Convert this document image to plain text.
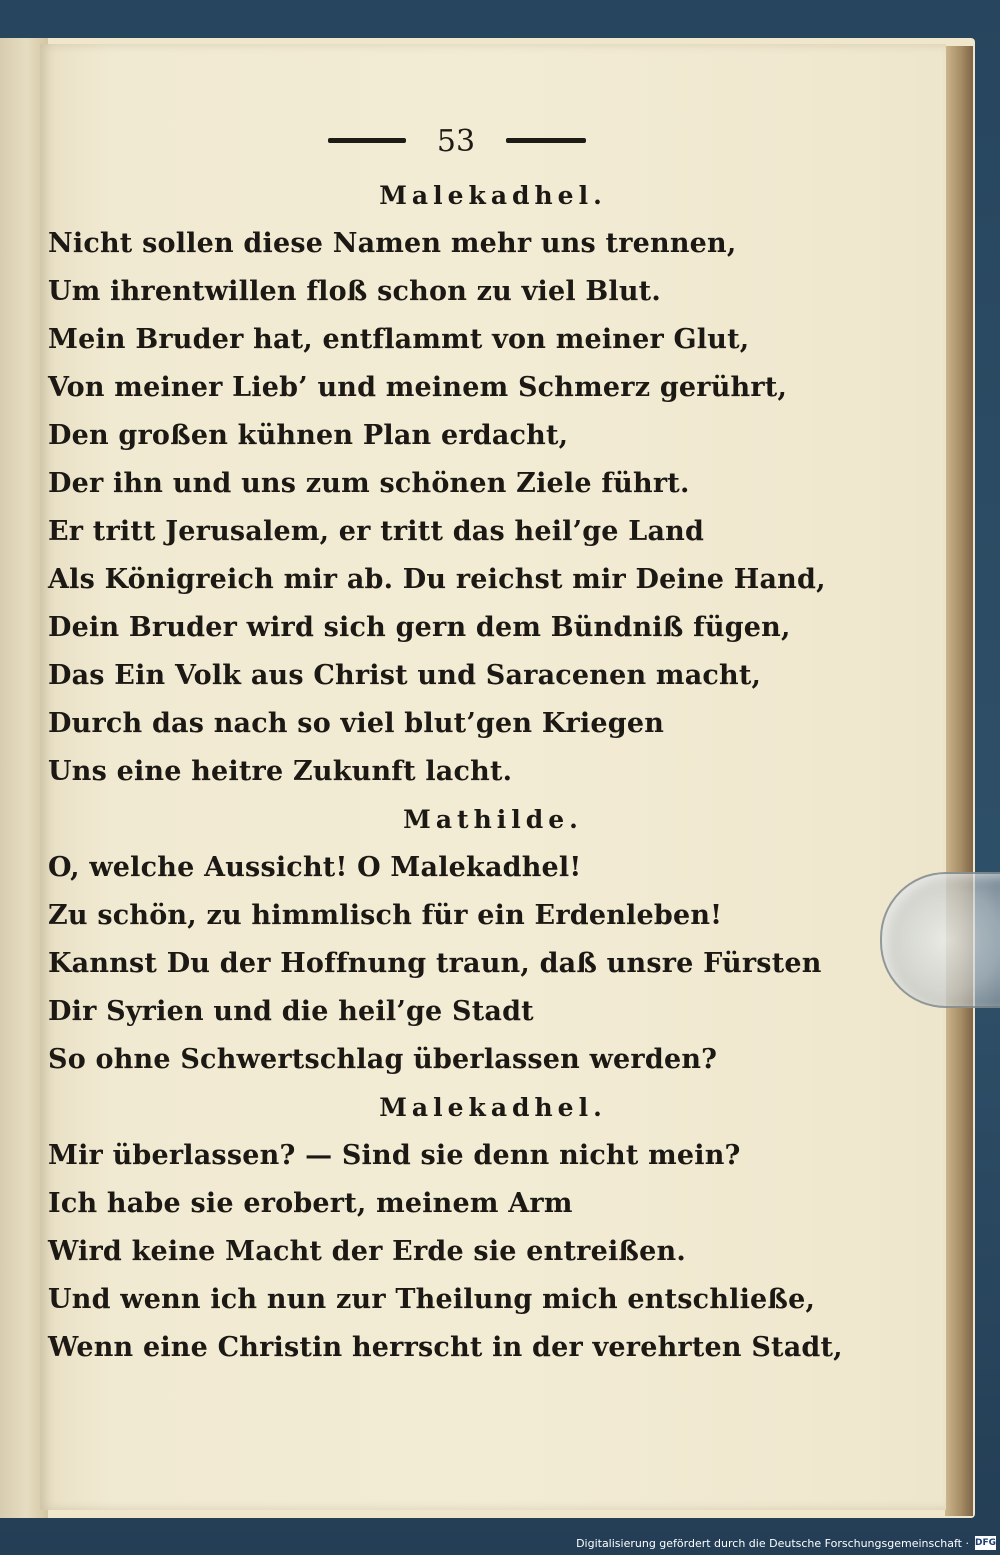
53
Malekadhel.
Nicht sollen diese Namen mehr uns trennen,
Um ihrentwillen floß schon zu viel Blut.
Mein Bruder hat, entflammt von meiner Glut,
Von meiner Lieb’ und meinem Schmerz gerührt,
Den großen kühnen Plan erdacht,
Der ihn und uns zum schönen Ziele führt.
Er tritt Jerusalem, er tritt das heil’ge Land
Als Königreich mir ab. Du reichst mir Deine Hand,
Dein Bruder wird sich gern dem Bündniß fügen,
Das Ein Volk aus Christ und Saracenen macht,
Durch das nach so viel blut’gen Kriegen
Uns eine heitre Zukunft lacht.
Mathilde.
O, welche Aussicht! O Malekadhel!
Zu schön, zu himmlisch für ein Erdenleben!
Kannst Du der Hoffnung traun, daß unsre Fürsten
Dir Syrien und die heil’ge Stadt
So ohne Schwertschlag überlassen werden?
Malekadhel.
Mir überlassen? — Sind sie denn nicht mein?
Ich habe sie erobert, meinem Arm
Wird keine Macht der Erde sie entreißen.
Und wenn ich nun zur Theilung mich entschließe,
Wenn eine Christin herrscht in der verehrten Stadt,
Digitalisierung gefördert durch die Deutsche Forschungsgemeinschaft · DFG
